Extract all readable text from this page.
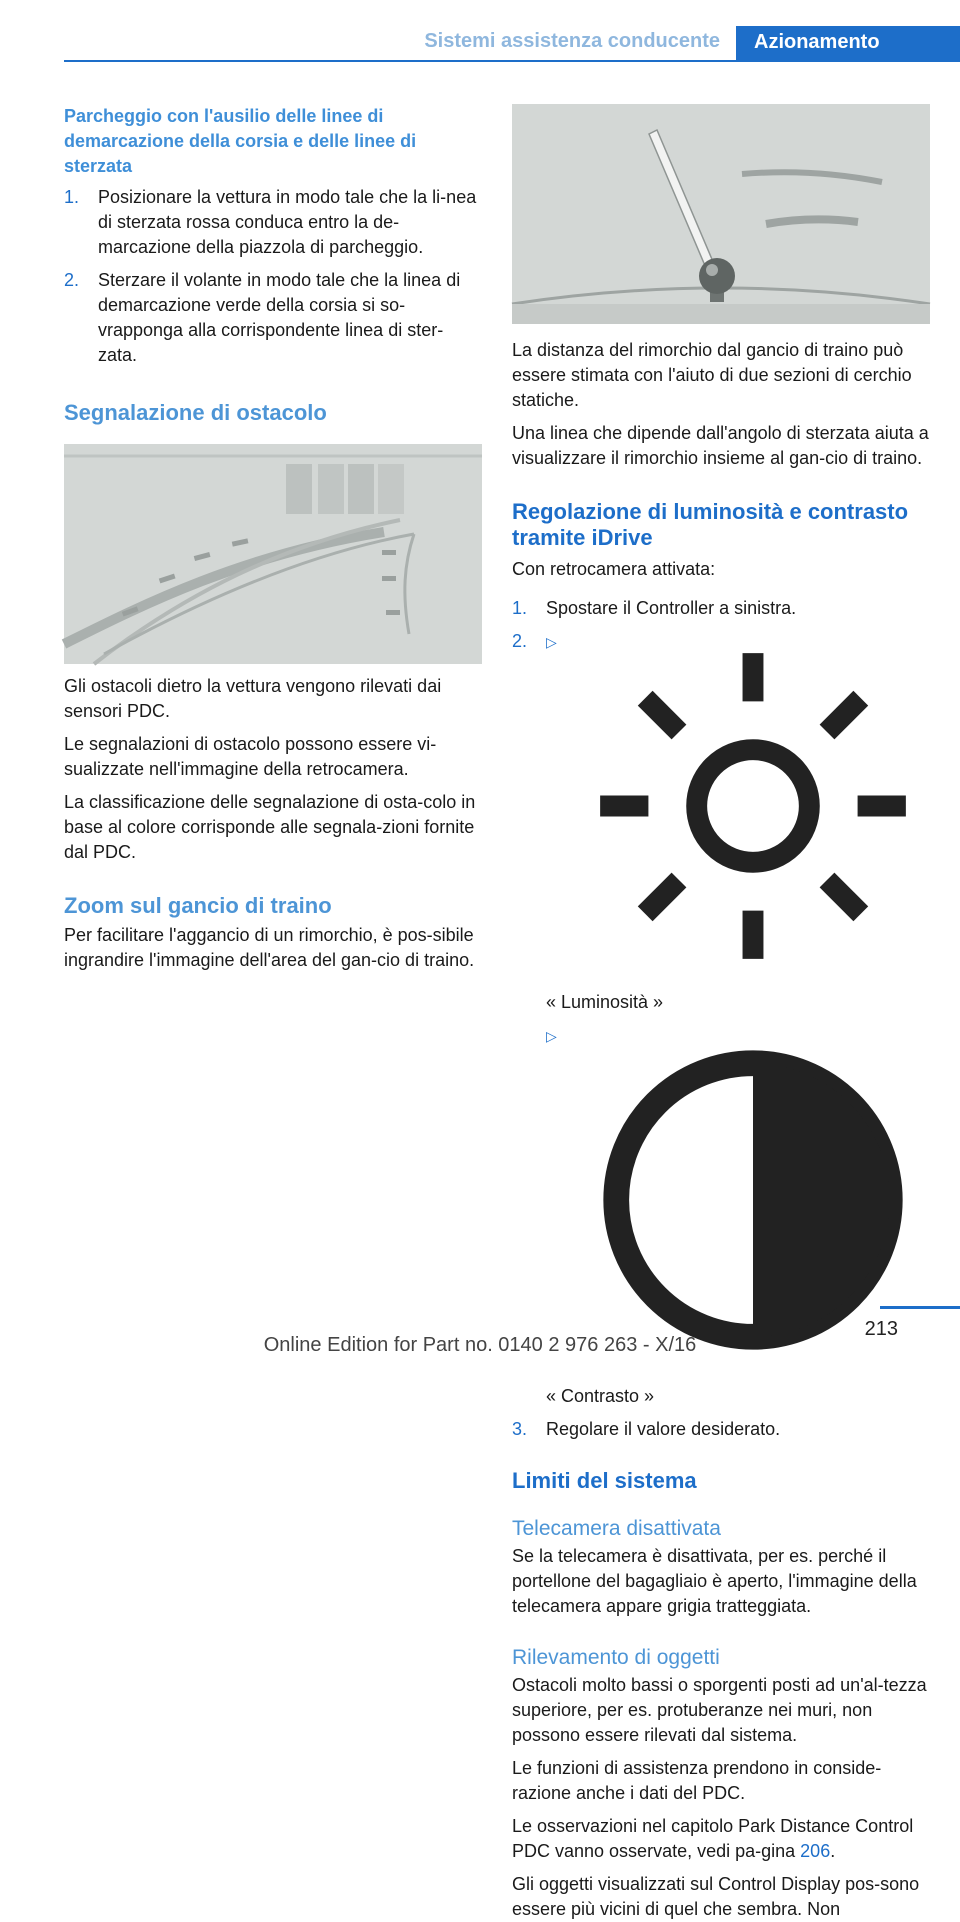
Sistemi assistenza conducente	Azionamento
Parcheggio con l'ausilio delle linee di demarcazione della corsia e delle linee di sterzata
1. Posizionare la vettura in modo tale che la li-nea di sterzata rossa conduca entro la de-marcazione della piazzola di parcheggio.
2. Sterzare il volante in modo tale che la linea di demarcazione verde della corsia si so-vrapponga alla corrispondente linea di ster-zata.
Segnalazione di ostacolo
Gli ostacoli dietro la vettura vengono rilevati dai sensori PDC.
Le segnalazioni di ostacolo possono essere vi-sualizzate nell'immagine della retrocamera.
La classificazione delle segnalazione di osta-colo in base al colore corrisponde alle segnala-zioni fornite dal PDC.
Zoom sul gancio di traino
Per facilitare l'aggancio di un rimorchio, è pos-sibile ingrandire l'immagine dell'area del gan-cio di traino.
La distanza del rimorchio dal gancio di traino può essere stimata con l'aiuto di due sezioni di cerchio statiche.
Una linea che dipende dall'angolo di sterzata aiuta a visualizzare il rimorchio insieme al gan-cio di traino.
Regolazione di luminosità e contrasto tramite iDrive
Con retrocamera attivata:
1. Spostare il Controller a sinistra.
2. ▷
« Luminosità »
▷
« Contrasto »
3. Regolare il valore desiderato.
Limiti del sistema
Telecamera disattivata
Se la telecamera è disattivata, per es. perché il portellone del bagagliaio è aperto, l'immagine della telecamera appare grigia tratteggiata.
Rilevamento di oggetti
Ostacoli molto bassi o sporgenti posti ad un'al-tezza superiore, per es. protuberanze nei muri, non possono essere rilevati dal sistema.
Le funzioni di assistenza prendono in conside-razione anche i dati del PDC.
Le osservazioni nel capitolo Park Distance Control PDC vanno osservate, vedi pa-gina 206.
Gli oggetti visualizzati sul Control Display pos-sono essere più vicini di quel che sembra. Non
213
Online Edition for Part no. 0140 2 976 263 - X/16
